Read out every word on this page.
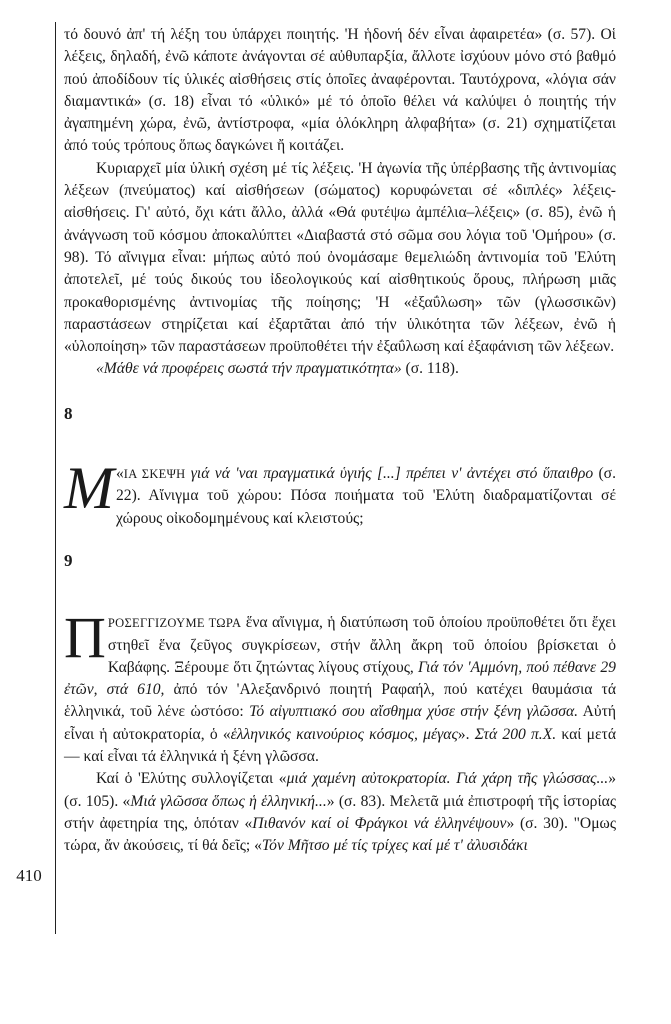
410

τό δουνό ἀπ' τή λέξη του ὑπάρχει ποιητής. 'Η ἡδονή δέν εἶναι ἀφαιρετέα» (σ. 57). Οἱ λέξεις, δηλαδή, ἐνῶ κάποτε ἀνάγονται σέ αὐθυπαρξία, ἄλλοτε ἰσχύουν μόνο στό βαθμό πού ἀποδίδουν τίς ὑλικές αἰσθήσεις στίς ὁποῖες ἀναφέρονται. Ταυτόχρονα, «λόγια σάν διαμαντικά» (σ. 18) εἶναι τό «ὑλικό» μέ τό ὁποῖο θέλει νά καλύψει ὁ ποιητής τήν ἀγαπημένη χώρα, ἐνῶ, ἀντίστροφα, «μία ὁλόκληρη ἀλφαβήτα» (σ. 21) σχηματίζεται ἀπό τούς τρόπους ὅπως δαγκώνει ἤ κοιτάζει.

Κυριαρχεῖ μία ὑλική σχέση μέ τίς λέξεις. 'Η ἀγωνία τῆς ὑπέρβασης τῆς ἀντινομίας λέξεων (πνεύματος) καί αἰσθήσεων (σώματος) κορυφώνεται σέ «διπλές» λέξεις-αἰσθήσεις. Γι' αὐτό, ὄχι κάτι ἄλλο, ἀλλά «Θά φυτέψω ἀμπέλια–λέξεις» (σ. 85), ἐνῶ ἡ ἀνάγνωση τοῦ κόσμου ἀποκαλύπτει «Διαβαστά στό σῶμα σου λόγια τοῦ 'Ομήρου» (σ. 98). Τό αἴνιγμα εἶναι: μήπως αὐτό πού ὀνομάσαμε θεμελιώδη ἀντινομία τοῦ 'Ελύτη ἀποτελεῖ, μέ τούς δικούς του ἰδεολογικούς καί αἰσθητικούς ὅρους, πλήρωση μιᾶς προκαθορισμένης ἀντινομίας τῆς ποίησης; 'Η «ἐξαΰλωση» τῶν (γλωσσικῶν) παραστάσεων στηρίζεται καί ἐξαρτᾶται ἀπό τήν ὑλικότητα τῶν λέξεων, ἐνῶ ἡ «ὑλοποίηση» τῶν παραστάσεων προϋποθέτει τήν ἐξαΰλωση καί ἐξαφάνιση τῶν λέξεων.

«Μάθε νά προφέρεις σωστά τήν πραγματικότητα» (σ. 118).

8

«
Μ ΙΑ ΣΚΕΨΗ γιά νά 'ναι πραγματικά ὑγιής [...] πρέπει ν' ἀντέχει στό ὕπαιθρο (σ. 22). Αἴνιγμα τοῦ χώρου: Πόσα ποιήματα τοῦ 'Ελύτη διαδραματίζονται σέ χώρους οἰκοδομημένους καί κλειστούς;

9

ΠΡΟΣΕΓΓΙΖΟΥΜΕ ΤΩΡΑ ἕνα αἴνιγμα, ἡ διατύπωση τοῦ ὁποίου προϋποθέτει ὅτι ἔχει στηθεῖ ἕνα ζεῦγος συγκρίσεων, στήν ἄλλη ἄκρη τοῦ ὁποίου βρίσκεται ὁ Καβάφης. Ξέρουμε ὅτι ζητώντας λίγους στίχους, Γιά τόν 'Αμμόνη, πού πέθανε 29 ἐτῶν, στά 610, ἀπό τόν 'Αλεξανδρινό ποιητή Ραφαήλ, πού κατέχει θαυμάσια τά ἑλληνικά, τοῦ λένε ὡστόσο: Τό αἰγυπτιακό σου αἴσθημα χύσε στήν ξένη γλῶσσα. Αὐτή εἶναι ἡ αὐτοκρατορία, ὁ «ἑλληνικός καινούριος κόσμος, μέγας». Στά 200 π.Χ. καί μετά — καί εἶναι τά ἑλληνικά ἡ ξένη γλῶσσα.

Καί ὁ 'Ελύτης συλλογίζεται «μιά χαμένη αὐτοκρατορία. Γιά χάρη τῆς γλώσσας...» (σ. 105). «Μιά γλῶσσα ὅπως ἡ ἑλληνική...» (σ. 83). Μελετᾶ μιά ἐπιστροφή τῆς ἱστορίας στήν ἀφετηρία της, ὁπόταν «Πιθανόν καί οἱ Φράγκοι νά ἑλληνέψουν» (σ. 30). "Ομως τώρα, ἄν ἀκούσεις, τί θά δεῖς; «Τόν Μῆτσο μέ τίς τρίχες καί μέ τ' ἀλυσιδάκι
